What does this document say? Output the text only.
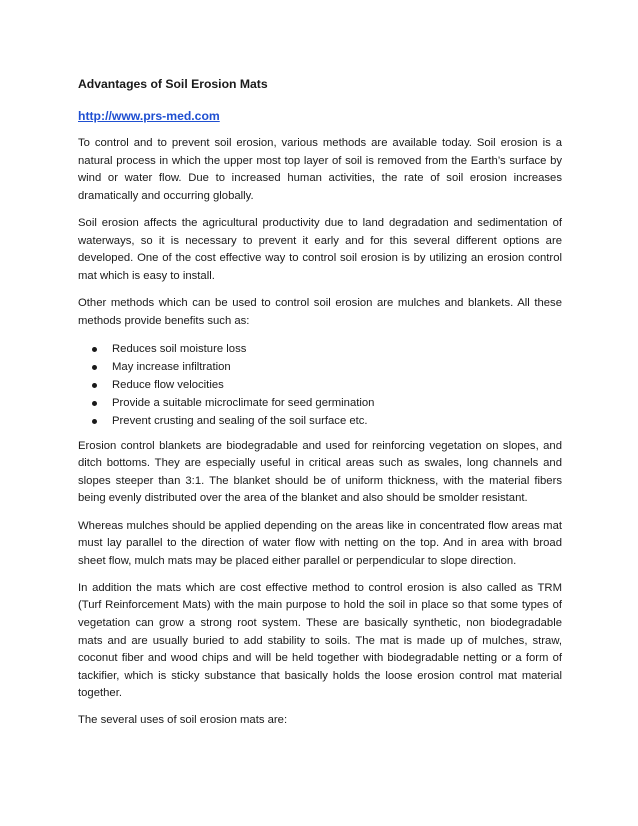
Advantages of Soil Erosion Mats
http://www.prs-med.com

To control and to prevent soil erosion, various methods are available today. Soil erosion is a natural process in which the upper most top layer of soil is removed from the Earth’s surface by wind or water flow. Due to increased human activities, the rate of soil erosion increases dramatically and occurring globally.

Soil erosion affects the agricultural productivity due to land degradation and sedimentation of waterways, so it is necessary to prevent it early and for this several different options are developed. One of the cost effective way to control soil erosion is by utilizing an erosion control mat which is easy to install.

Other methods which can be used to control soil erosion are mulches and blankets. All these methods provide benefits such as:

Reduces soil moisture loss
May increase infiltration
Reduce flow velocities
Provide a suitable microclimate for seed germination
Prevent crusting and sealing of the soil surface etc.

Erosion control blankets are biodegradable and used for reinforcing vegetation on slopes, and ditch bottoms. They are especially useful in critical areas such as swales, long channels and slopes steeper than 3:1. The blanket should be of uniform thickness, with the material fibers being evenly distributed over the area of the blanket and also should be smolder resistant.

Whereas mulches should be applied depending on the areas like in concentrated flow areas mat must lay parallel to the direction of water flow with netting on the top. And in area with broad sheet flow, mulch mats may be placed either parallel or perpendicular to slope direction.

In addition the mats which are cost effective method to control erosion is also called as TRM (Turf Reinforcement Mats) with the main purpose to hold the soil in place so that some types of vegetation can grow a strong root system. These are basically synthetic, non biodegradable mats and are usually buried to add stability to soils. The mat is made up of mulches, straw, coconut fiber and wood chips and will be held together with biodegradable netting or a form of tackifier, which is sticky substance that basically holds the loose erosion control mat material together.

The several uses of soil erosion mats are:
